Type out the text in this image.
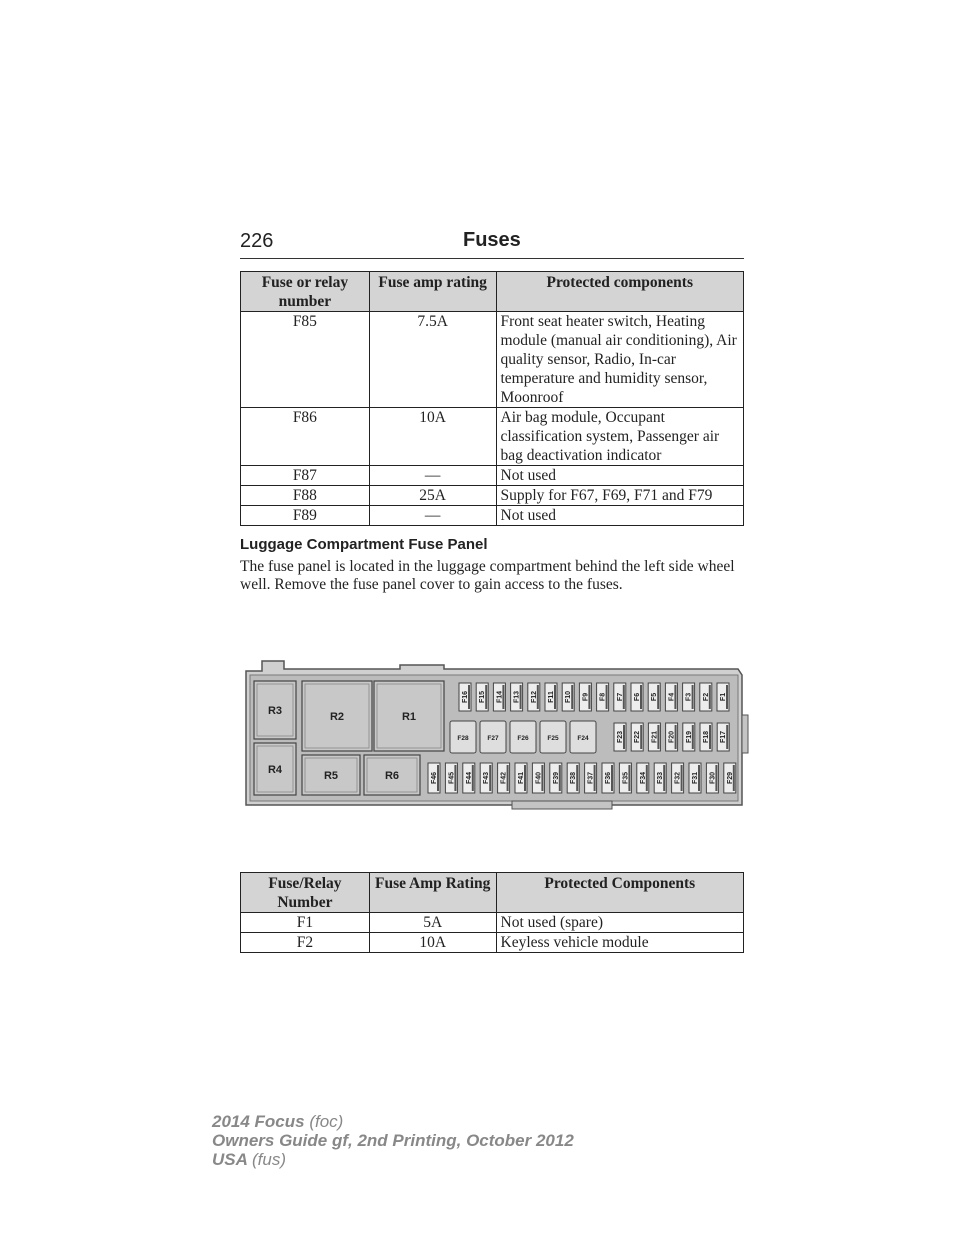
226	Fuses
Fuse or relay number	Fuse amp rating	Protected components
F85	7.5A	Front seat heater switch, Heating module (manual air conditioning), Air quality sensor, Radio, In-car temperature and humidity sensor, Moonroof
F86	10A	Air bag module, Occupant classification system, Passenger air bag deactivation indicator
F87	—	Not used
F88	25A	Supply for F67, F69, F71 and F79
F89	—	Not used
Luggage Compartment Fuse Panel
The fuse panel is located in the luggage compartment behind the left side wheel well. Remove the fuse panel cover to gain access to the fuses.
R3	R2	R1
R4	R5	R6
F16 F15 F14 F13 F12 F11 F10 F9 F8 F7 F6 F5 F4 F3 F2 F1
F28	F27	F26	F25	F24	F23 F22 F21 F20 F19 F18 F17
F46 F45 F44 F43 F42 F41 F40 F39 F38 F37 F36 F35 F34 F33 F32 F31 F30 F29
Fuse/Relay Number	Fuse Amp Rating	Protected Components
F1	5A	Not used (spare)
F2	10A	Keyless vehicle module
2014 Focus (foc)
Owners Guide gf, 2nd Printing, October 2012
USA (fus)
